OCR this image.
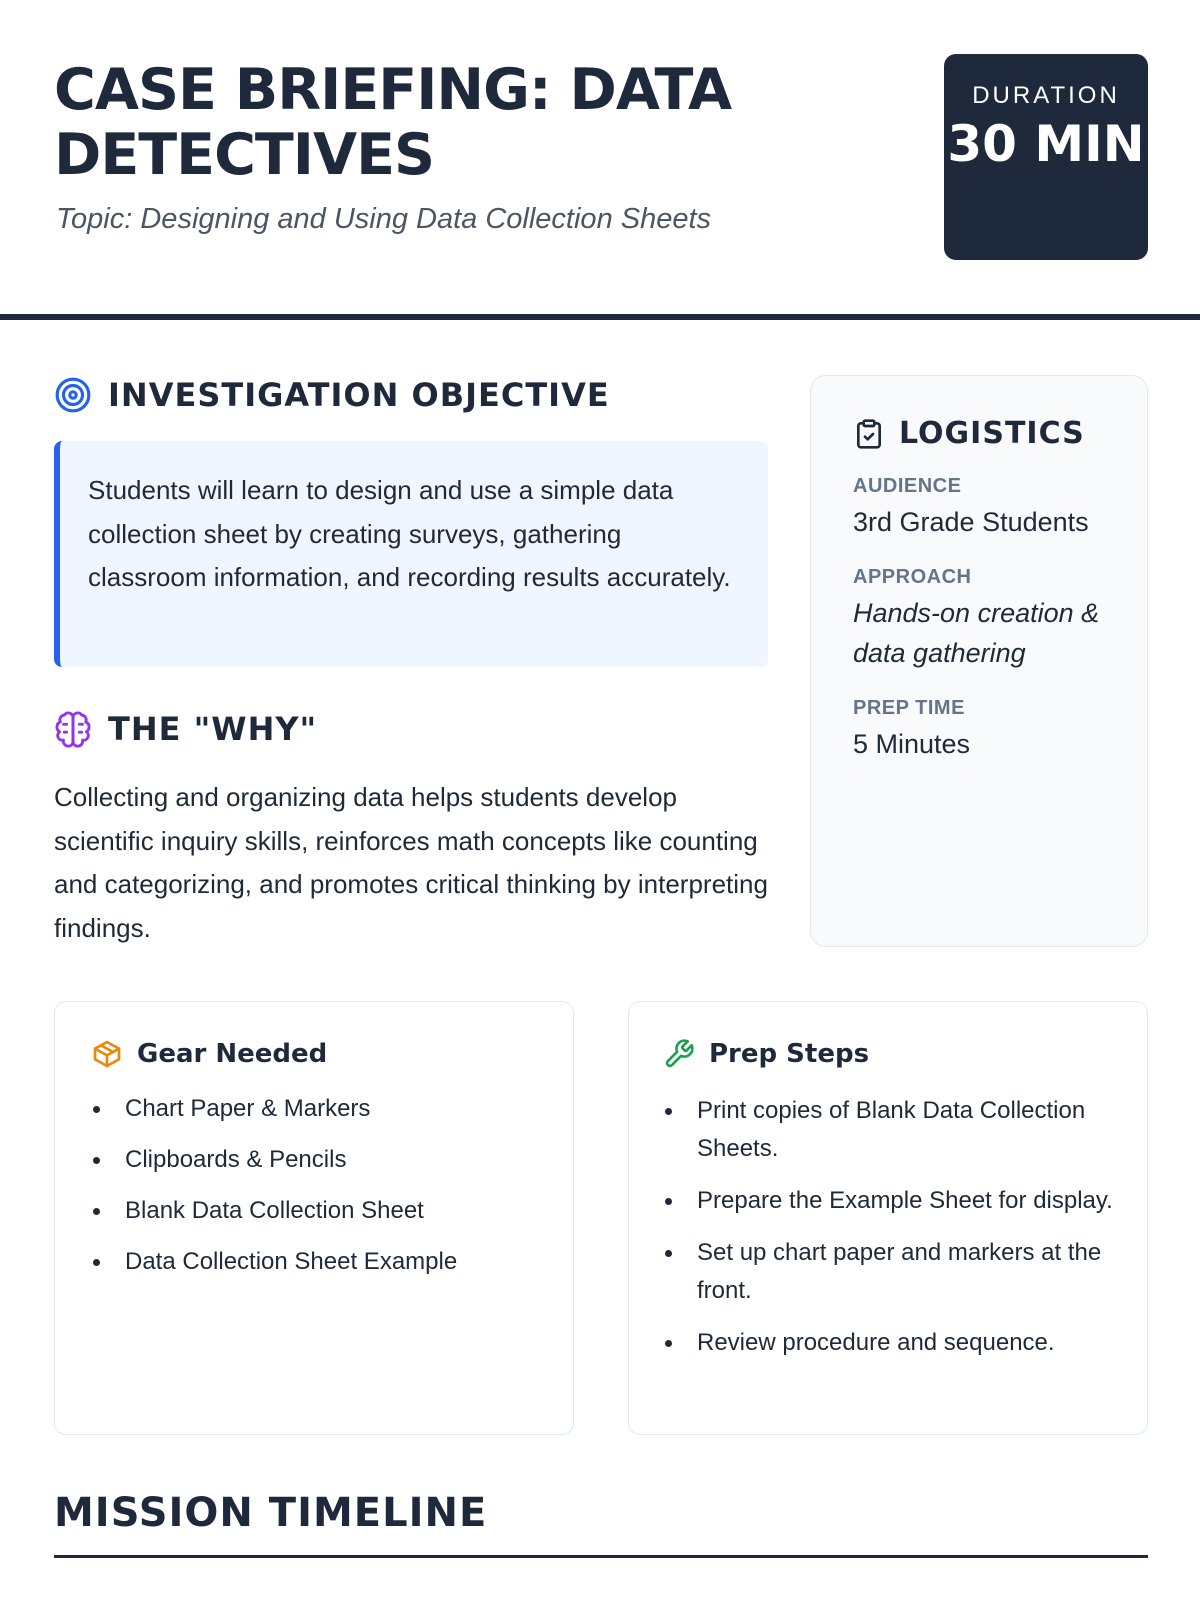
CASE BRIEFING: DATA DETECTIVES
Topic: Designing and Using Data Collection Sheets
DURATION
30 MIN
INVESTIGATION OBJECTIVE
Students will learn to design and use a simple data collection sheet by creating surveys, gathering classroom information, and recording results accurately.
THE "WHY"
Collecting and organizing data helps students develop scientific inquiry skills, reinforces math concepts like counting and categorizing, and promotes critical thinking by interpreting findings.
LOGISTICS
AUDIENCE
3rd Grade Students
APPROACH
Hands-on creation & data gathering
PREP TIME
5 Minutes
Gear Needed
Chart Paper & Markers
Clipboards & Pencils
Blank Data Collection Sheet
Data Collection Sheet Example
Prep Steps
Print copies of Blank Data Collection Sheets.
Prepare the Example Sheet for display.
Set up chart paper and markers at the front.
Review procedure and sequence.
MISSION TIMELINE
